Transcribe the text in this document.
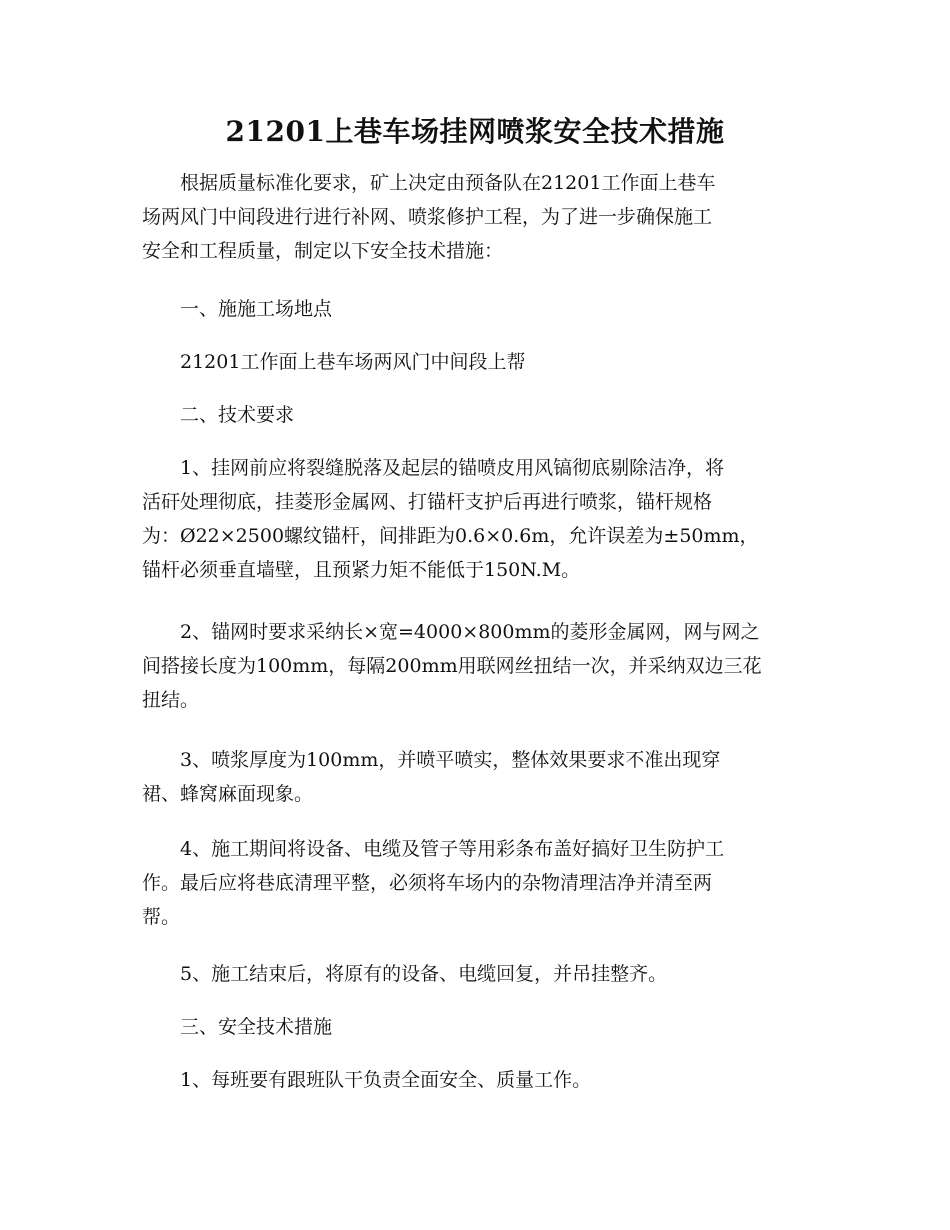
21201上巷车场挂网喷浆安全技术措施
根据质量标准化要求，矿上决定由预备队在21201工作面上巷车
场两风门中间段进行进行补网、喷浆修护工程，为了进一步确保施工
安全和工程质量，制定以下安全技术措施：
一、施施工场地点
21201工作面上巷车场两风门中间段上帮
二、技术要求
1、挂网前应将裂缝脱落及起层的锚喷皮用风镐彻底剔除洁净，将
活矸处理彻底，挂菱形金属网、打锚杆支护后再进行喷浆，锚杆规格
为：Ø22×2500螺纹锚杆，间排距为0.6×0.6m，允许误差为±50mm，
锚杆必须垂直墙壁，且预紧力矩不能低于150N.M。
2、锚网时要求采纳长×宽=4000×800mm的菱形金属网，网与网之
间搭接长度为100mm，每隔200mm用联网丝扭结一次，并采纳双边三花
扭结。
3、喷浆厚度为100mm，并喷平喷实，整体效果要求不准出现穿
裙、蜂窝麻面现象。
4、施工期间将设备、电缆及管子等用彩条布盖好搞好卫生防护工
作。最后应将巷底清理平整，必须将车场内的杂物清理洁净并清至两
帮。
5、施工结束后，将原有的设备、电缆回复，并吊挂整齐。
三、安全技术措施
1、每班要有跟班队干负责全面安全、质量工作。
